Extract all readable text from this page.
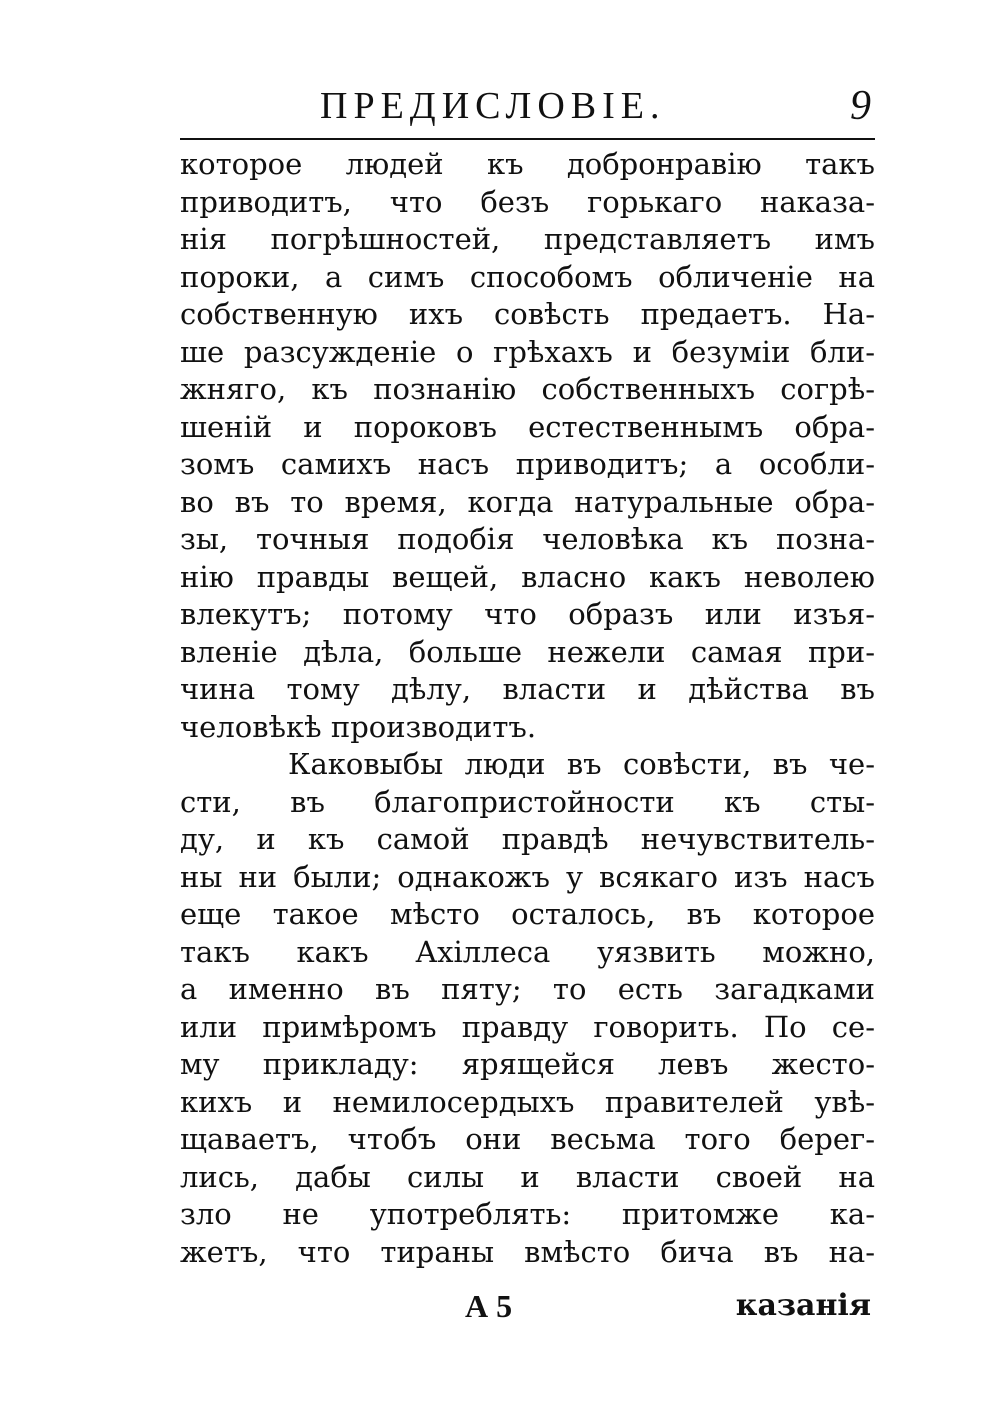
ПРЕДИСЛОВІЕ.	9
которое людей къ добронравію такъ
приводитъ, что безъ горькаго наказа-
нія погрѣшностей, представляетъ имъ
пороки, а симъ способомъ обличеніе на
собственную ихъ совѣсть предаетъ. На-
ше разсужденіе о грѣхахъ и безуміи бли-
жняго, къ познанію собственныхъ согрѣ-
шеній и пороковъ естественнымъ обра-
зомъ самихъ насъ приводитъ; а особли-
во въ то время, когда натуральные обра-
зы, точныя подобія человѣка къ позна-
нію правды вещей, власно какъ неволею
влекутъ; потому что образъ или изъя-
вленіе дѣла, больше нежели самая при-
чина тому дѣлу, власти и дѣйства въ
человѣкѣ производитъ.
Каковыбы люди въ совѣсти, въ че-
сти, въ благопристойности къ сты-
ду, и къ самой правдѣ нечувствитель-
ны ни были; однакожъ у всякаго изъ насъ
еще такое мѣсто осталось, въ которое
такъ какъ Ахіллеса уязвить можно,
а именно въ пяту; то есть загадками
или примѣромъ правду говорить. По се-
му прикладу: ярящейся левъ жесто-
кихъ и немилосердыхъ правителей увѣ-
щаваетъ, чтобъ они весьма того берег-
лись, дабы силы и власти своей на
зло не употреблять: притомже ка-
жетъ, что тираны вмѣсто бича въ на-
А 5	казанія
